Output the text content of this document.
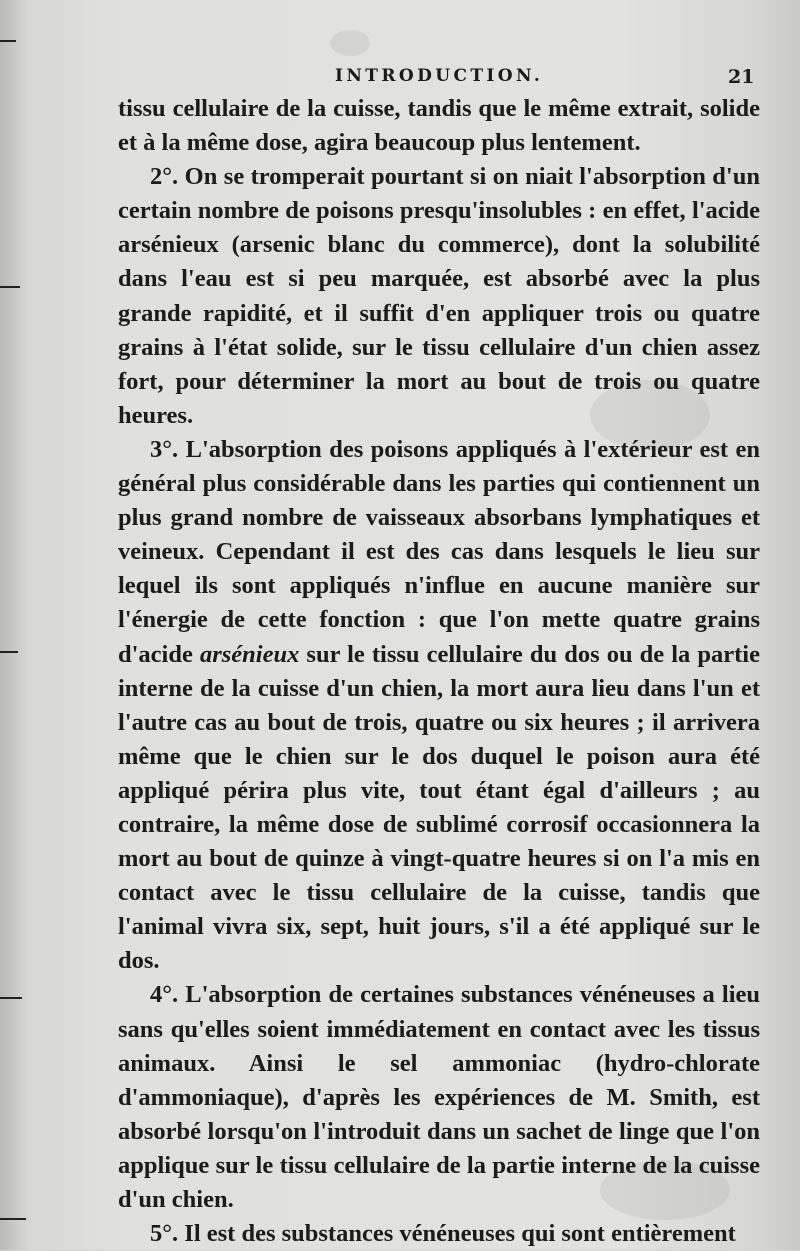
INTRODUCTION.	21

tissu cellulaire de la cuisse, tandis que le même extrait, solide et à la même dose, agira beaucoup plus lentement.

2°. On se tromperait pourtant si on niait l'absorption d'un certain nombre de poisons presqu'insolubles : en effet, l'acide arsénieux (arsenic blanc du commerce), dont la solubilité dans l'eau est si peu marquée, est absorbé avec la plus grande rapidité, et il suffit d'en appliquer trois ou quatre grains à l'état solide, sur le tissu cellulaire d'un chien assez fort, pour déterminer la mort au bout de trois ou quatre heures.

3°. L'absorption des poisons appliqués à l'extérieur est en général plus considérable dans les parties qui contiennent un plus grand nombre de vaisseaux absorbans lymphatiques et veineux. Cependant il est des cas dans lesquels le lieu sur lequel ils sont appliqués n'influe en aucune manière sur l'énergie de cette fonction : que l'on mette quatre grains d'acide arsénieux sur le tissu cellulaire du dos ou de la partie interne de la cuisse d'un chien, la mort aura lieu dans l'un et l'autre cas au bout de trois, quatre ou six heures ; il arrivera même que le chien sur le dos duquel le poison aura été appliqué périra plus vite, tout étant égal d'ailleurs ; au contraire, la même dose de sublimé corrosif occasionnera la mort au bout de quinze à vingt-quatre heures si on l'a mis en contact avec le tissu cellulaire de la cuisse, tandis que l'animal vivra six, sept, huit jours, s'il a été appliqué sur le dos.

4°. L'absorption de certaines substances vénéneuses a lieu sans qu'elles soient immédiatement en contact avec les tissus animaux. Ainsi le sel ammoniac (hydro-chlorate d'ammoniaque), d'après les expériences de M. Smith, est absorbé lorsqu'on l'introduit dans un sachet de linge que l'on applique sur le tissu cellulaire de la partie interne de la cuisse d'un chien.

5°. Il est des substances vénéneuses qui sont entièrement
